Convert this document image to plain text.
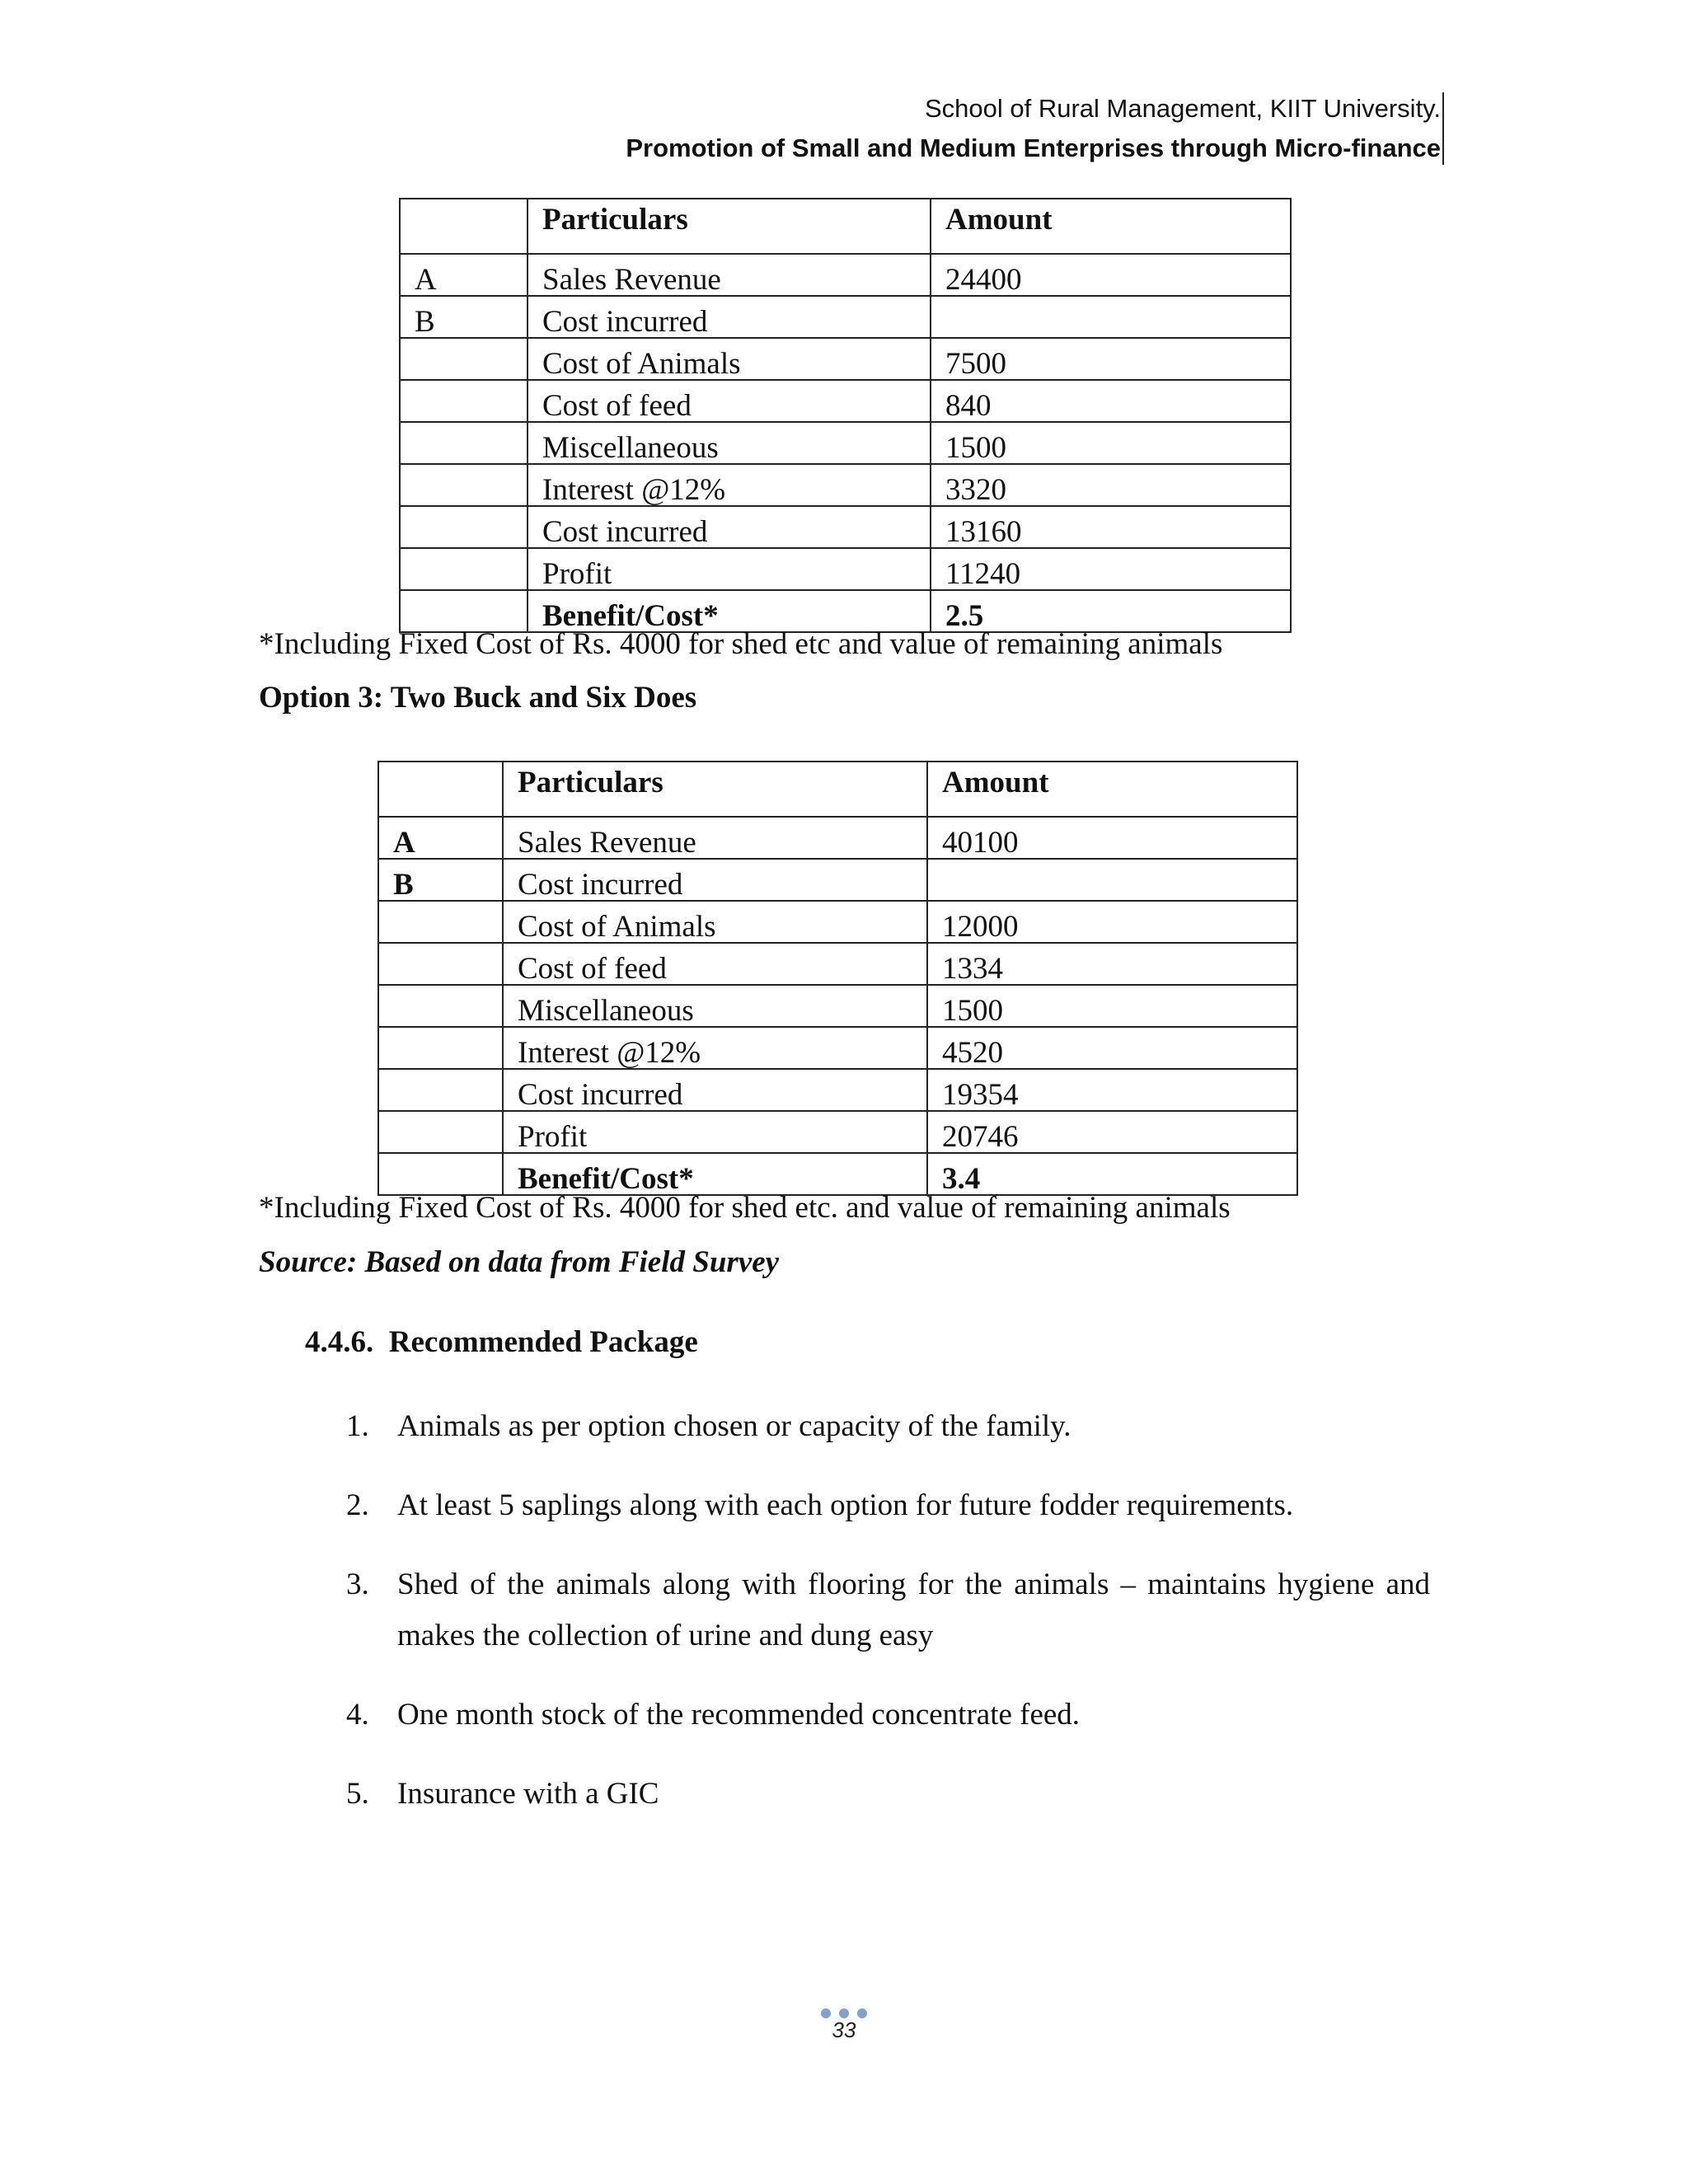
School of Rural Management, KIIT University.
Promotion of Small and Medium Enterprises through Micro-finance
	Particulars	Amount
A	Sales Revenue	24400
B	Cost incurred	
	Cost of Animals	7500
	Cost of feed	840
	Miscellaneous	1500
	Interest @12%	3320
	Cost incurred	13160
	Profit	11240
	Benefit/Cost*	2.5
*Including Fixed Cost of Rs. 4000 for shed etc and value of remaining animals
Option 3: Two Buck and Six Does
	Particulars	Amount
A	Sales Revenue	40100
B	Cost incurred	
	Cost of Animals	12000
	Cost of feed	1334
	Miscellaneous	1500
	Interest @12%	4520
	Cost incurred	19354
	Profit	20746
	Benefit/Cost*	3.4
*Including Fixed Cost of Rs. 4000 for shed etc. and value of remaining animals
Source: Based on data from Field Survey
4.4.6. Recommended Package
1. Animals as per option chosen or capacity of the family.
2. At least 5 saplings along with each option for future fodder requirements.
3. Shed of the animals along with flooring for the animals – maintains hygiene and makes the collection of urine and dung easy
4. One month stock of the recommended concentrate feed.
5. Insurance with a GIC
33
